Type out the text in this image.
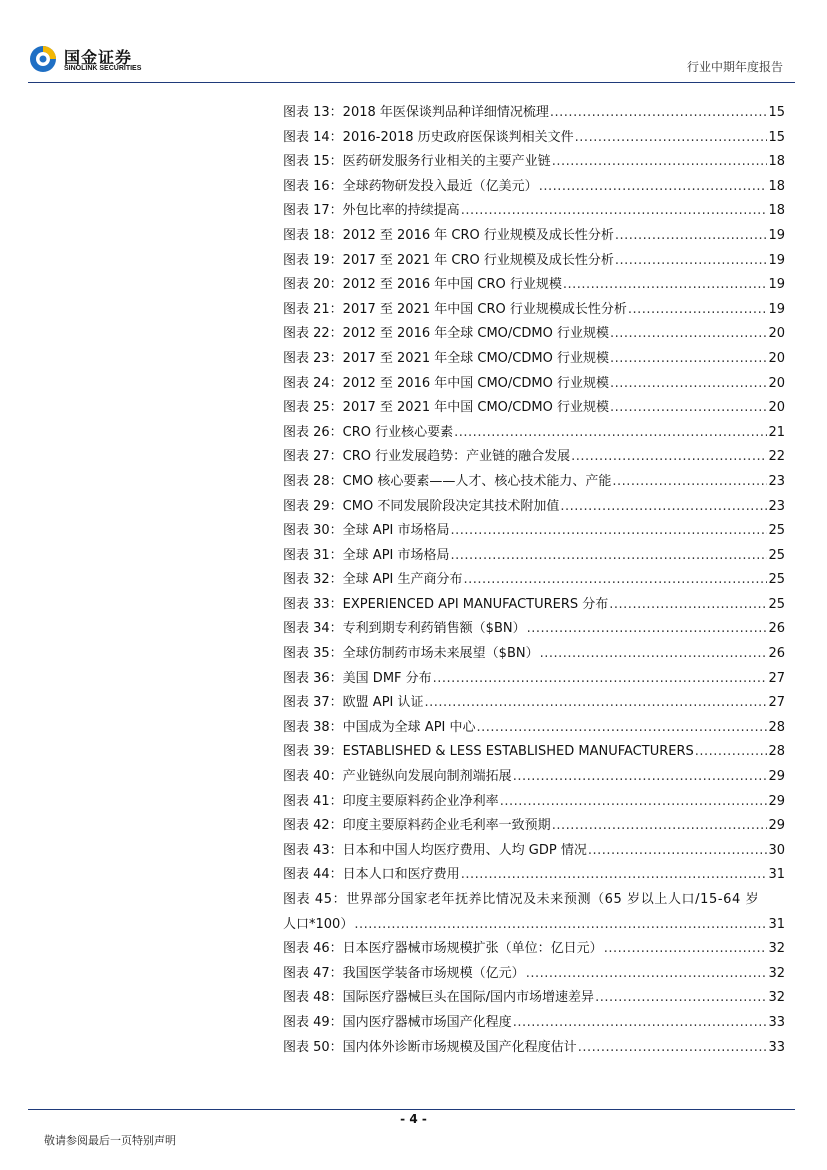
国金证券
SINOLINK SECURITIES	行业中期年度报告
图表 13：2018 年医保谈判品种详细情况梳理 .....	15
图表 14：2016-2018 历史政府医保谈判相关文件 .....	15
图表 15：医药研发服务行业相关的主要产业链 .....	18
图表 16：全球药物研发投入最近（亿美元） .....	18
图表 17：外包比率的持续提高 .....	18
图表 18：2012 至 2016 年 CRO 行业规模及成长性分析 .....	19
图表 19：2017 至 2021 年 CRO 行业规模及成长性分析 .....	19
图表 20：2012 至 2016 年中国 CRO 行业规模 .....	19
图表 21：2017 至 2021 年中国 CRO 行业规模成长性分析 .....	19
图表 22：2012 至 2016 年全球 CMO/CDMO 行业规模 .....	20
图表 23：2017 至 2021 年全球 CMO/CDMO 行业规模 .....	20
图表 24：2012 至 2016 年中国 CMO/CDMO 行业规模 .....	20
图表 25：2017 至 2021 年中国 CMO/CDMO 行业规模 .....	20
图表 26：CRO 行业核心要素 .....	21
图表 27：CRO 行业发展趋势：产业链的融合发展 .....	22
图表 28：CMO 核心要素——人才、核心技术能力、产能 .....	23
图表 29：CMO 不同发展阶段决定其技术附加值 .....	23
图表 30：全球 API 市场格局 .....	25
图表 31：全球 API 市场格局 .....	25
图表 32：全球 API 生产商分布 .....	25
图表 33：EXPERIENCED API MANUFACTURERS 分布 .....	25
图表 34：专利到期专利药销售额（$BN） .....	26
图表 35：全球仿制药市场未来展望（$BN） .....	26
图表 36：美国 DMF 分布 .....	27
图表 37：欧盟 API 认证 .....	27
图表 38：中国成为全球 API 中心 .....	28
图表 39：ESTABLISHED & LESS ESTABLISHED MANUFACTURERS .....	28
图表 40：产业链纵向发展向制剂端拓展 .....	29
图表 41：印度主要原料药企业净利率 .....	29
图表 42：印度主要原料药企业毛利率一致预期 .....	29
图表 43：日本和中国人均医疗费用、人均 GDP 情况 .....	30
图表 44：日本人口和医疗费用 .....	31
图表 45：世界部分国家老年抚养比情况及未来预测（65 岁以上人口/15-64 岁
人口*100） .....	31
图表 46：日本医疗器械市场规模扩张（单位：亿日元） .....	32
图表 47：我国医学装备市场规模（亿元） .....	32
图表 48：国际医疗器械巨头在国际/国内市场增速差异 .....	32
图表 49：国内医疗器械市场国产化程度 .....	33
图表 50：国内体外诊断市场规模及国产化程度估计 .....	33
- 4 -
敬请参阅最后一页特别声明
